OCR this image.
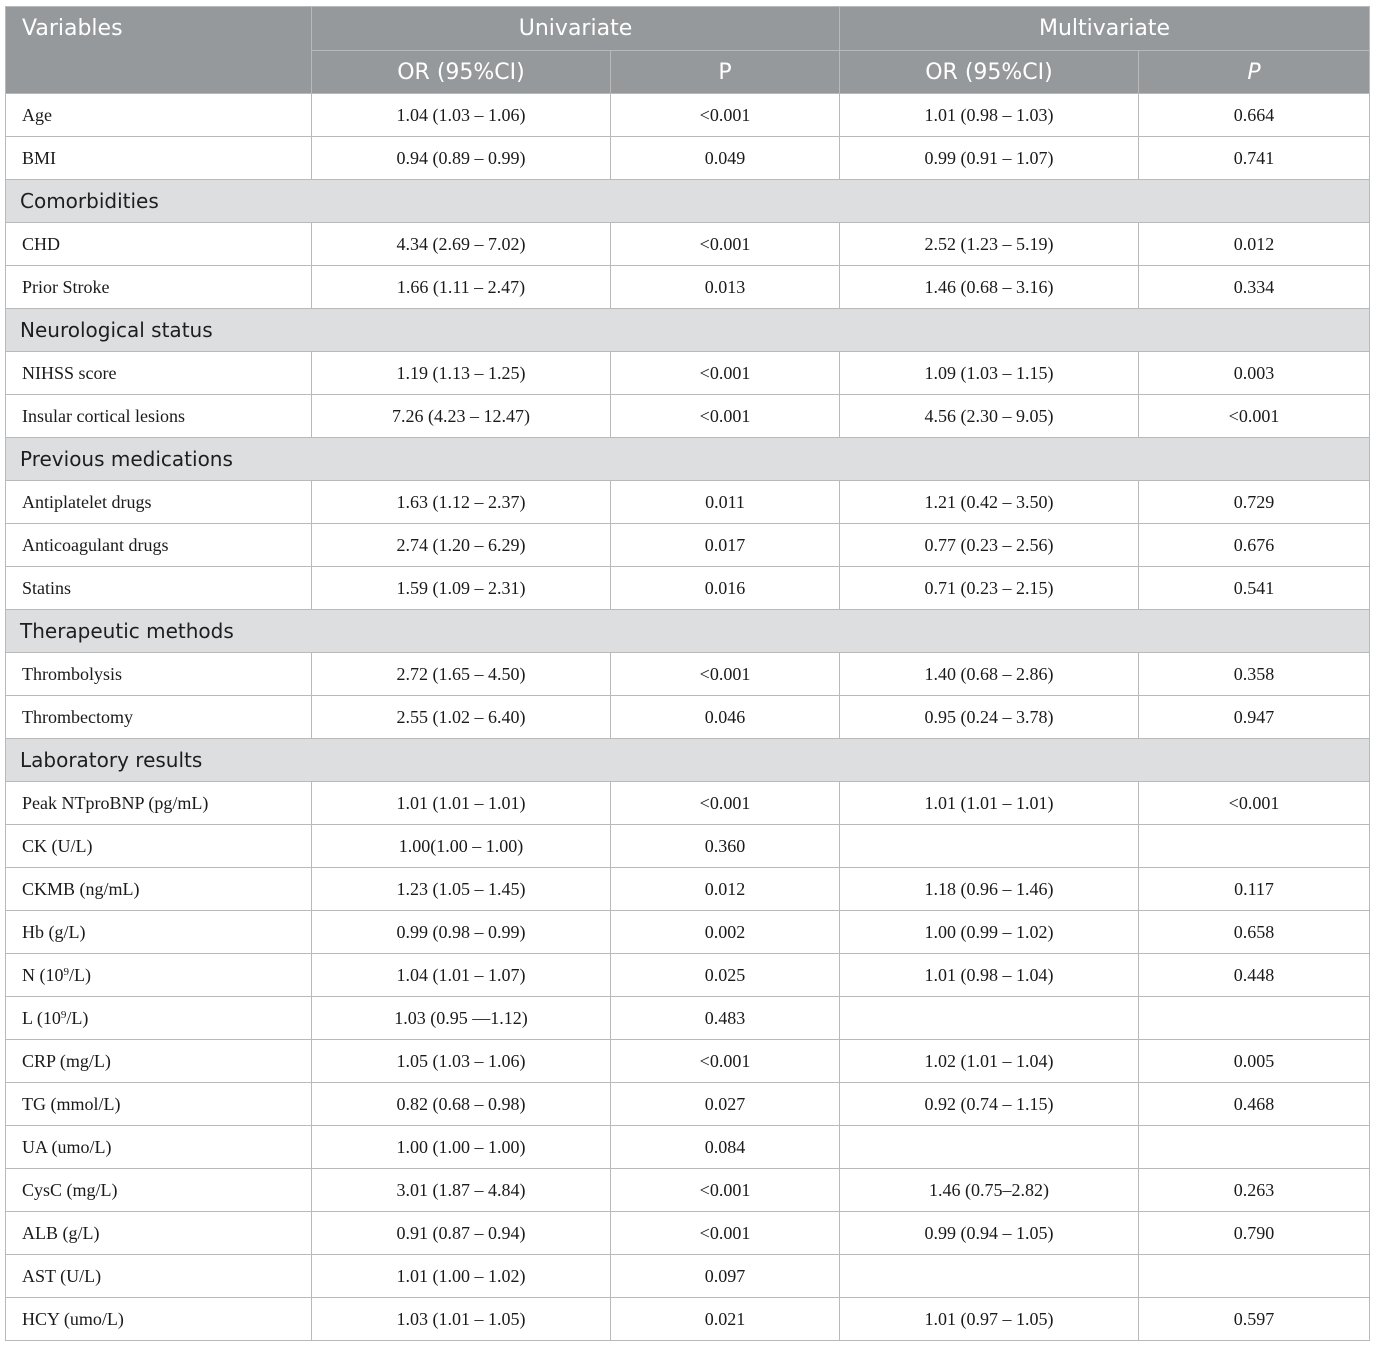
Variables	Univariate		Multivariate	
	OR (95%CI)	P	OR (95%CI)	P
Age	1.04 (1.03 – 1.06)	<0.001	1.01 (0.98 – 1.03)	0.664
BMI	0.94 (0.89 – 0.99)	0.049	0.99 (0.91 – 1.07)	0.741
Comorbidities				
CHD	4.34 (2.69 – 7.02)	<0.001	2.52 (1.23 – 5.19)	0.012
Prior Stroke	1.66 (1.11 – 2.47)	0.013	1.46 (0.68 – 3.16)	0.334
Neurological status				
NIHSS score	1.19 (1.13 – 1.25)	<0.001	1.09 (1.03 – 1.15)	0.003
Insular cortical lesions	7.26 (4.23 – 12.47)	<0.001	4.56 (2.30 – 9.05)	<0.001
Previous medications				
Antiplatelet drugs	1.63 (1.12 – 2.37)	0.011	1.21 (0.42 – 3.50)	0.729
Anticoagulant drugs	2.74 (1.20 – 6.29)	0.017	0.77 (0.23 – 2.56)	0.676
Statins	1.59 (1.09 – 2.31)	0.016	0.71 (0.23 – 2.15)	0.541
Therapeutic methods				
Thrombolysis	2.72 (1.65 – 4.50)	<0.001	1.40 (0.68 – 2.86)	0.358
Thrombectomy	2.55 (1.02 – 6.40)	0.046	0.95 (0.24 – 3.78)	0.947
Laboratory results				
Peak NTproBNP (pg/mL)	1.01 (1.01 – 1.01)	<0.001	1.01 (1.01 – 1.01)	<0.001
CK (U/L)	1.00(1.00 – 1.00)	0.360		
CKMB (ng/mL)	1.23 (1.05 – 1.45)	0.012	1.18 (0.96 – 1.46)	0.117
Hb (g/L)	0.99 (0.98 – 0.99)	0.002	1.00 (0.99 – 1.02)	0.658
N $(10^9/L)$	1.04 (1.01 – 1.07)	0.025	1.01 (0.98 – 1.04)	0.448
L $(10^9/L)$	1.03 (0.95 —1.12)	0.483		
CRP (mg/L)	1.05 (1.03 – 1.06)	<0.001	1.02 (1.01 – 1.04)	0.005
TG (mmol/L)	0.82 (0.68 – 0.98)	0.027	0.92 (0.74 – 1.15)	0.468
UA (umo/L)	1.00 (1.00 – 1.00)	0.084		
CysC (mg/L)	3.01 (1.87 – 4.84)	<0.001	1.46 (0.75–2.82)	0.263
ALB (g/L)	0.91 (0.87 – 0.94)	<0.001	0.99 (0.94 – 1.05)	0.790
AST (U/L)	1.01 (1.00 – 1.02)	0.097		
HCY (umo/L)	1.03 (1.01 – 1.05)	0.021	1.01 (0.97 – 1.05)	0.597
